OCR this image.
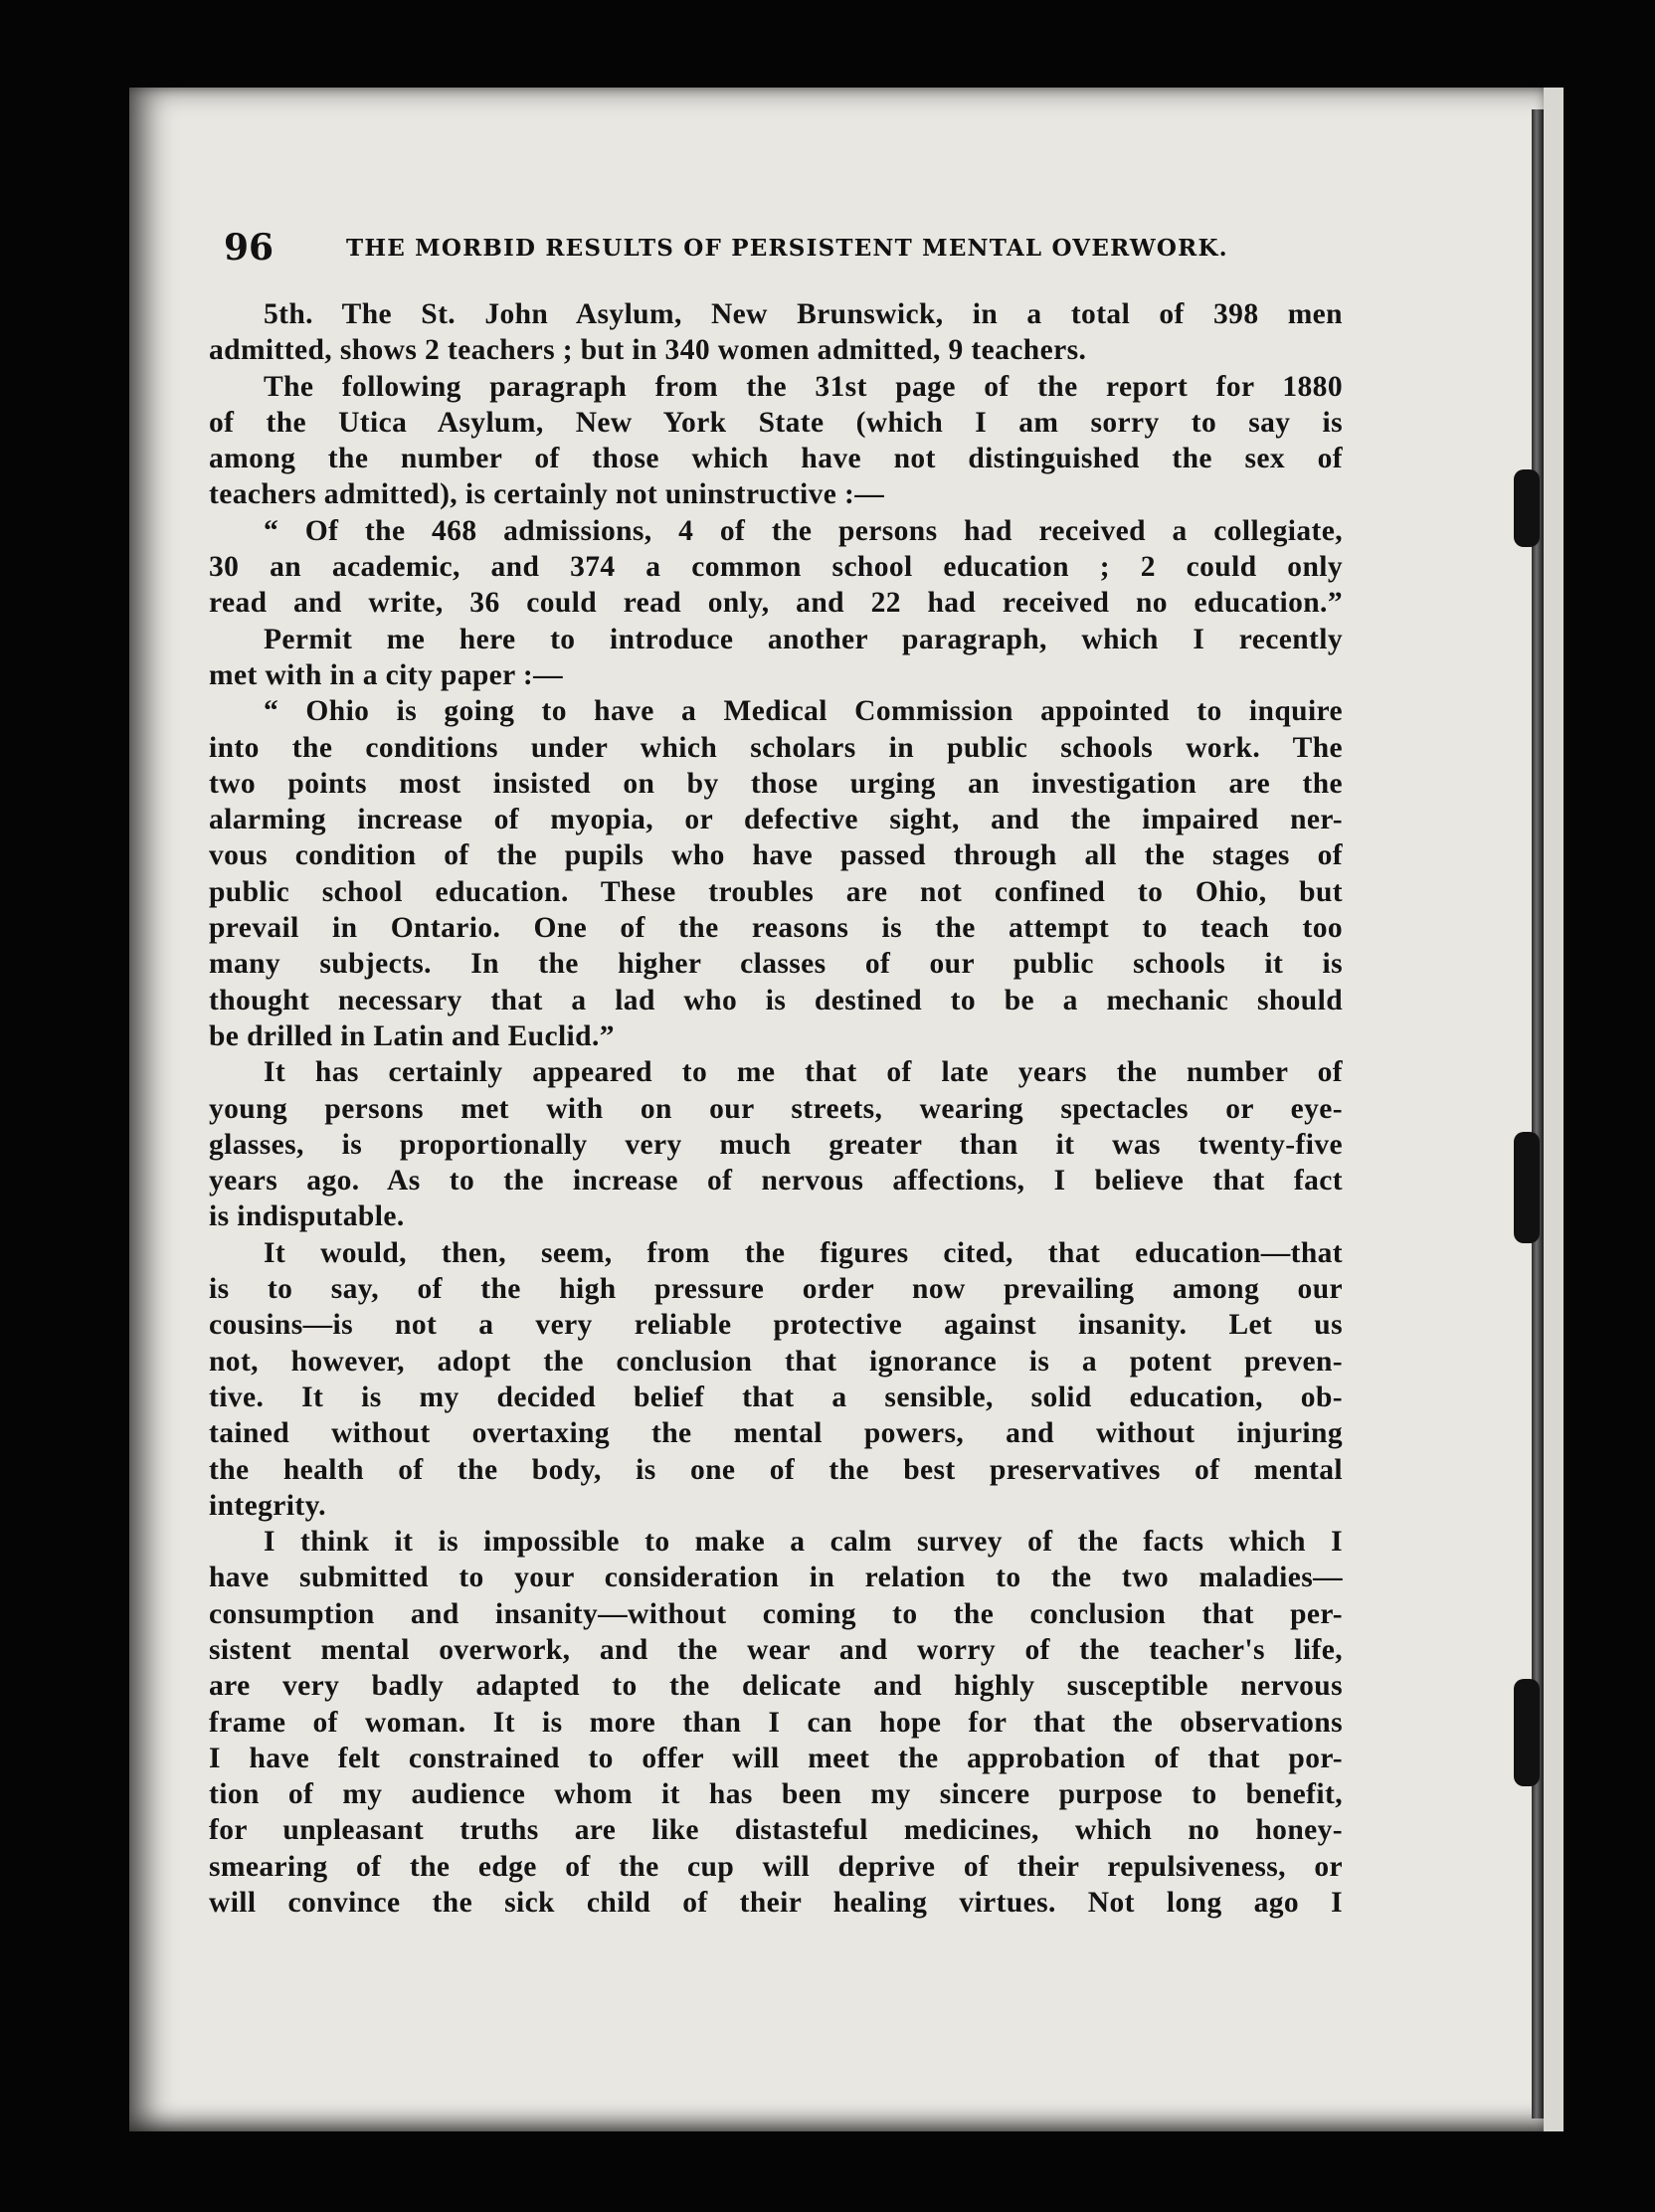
96	THE MORBID RESULTS OF PERSISTENT MENTAL OVERWORK.
5th. The St. John Asylum, New Brunswick, in a total of 398 men
admitted, shows 2 teachers ; but in 340 women admitted, 9 teachers.
The following paragraph from the 31st page of the report for 1880
of the Utica Asylum, New York State (which I am sorry to say is
among the number of those which have not distinguished the sex of
teachers admitted), is certainly not uninstructive :—
“ Of the 468 admissions, 4 of the persons had received a collegiate,
30 an academic, and 374 a common school education ; 2 could only
read and write, 36 could read only, and 22 had received no education.”
Permit me here to introduce another paragraph, which I recently
met with in a city paper :—
“ Ohio is going to have a Medical Commission appointed to inquire
into the conditions under which scholars in public schools work. The
two points most insisted on by those urging an investigation are the
alarming increase of myopia, or defective sight, and the impaired ner-
vous condition of the pupils who have passed through all the stages of
public school education. These troubles are not confined to Ohio, but
prevail in Ontario. One of the reasons is the attempt to teach too
many subjects. In the higher classes of our public schools it is
thought necessary that a lad who is destined to be a mechanic should
be drilled in Latin and Euclid.”
It has certainly appeared to me that of late years the number of
young persons met with on our streets, wearing spectacles or eye-
glasses, is proportionally very much greater than it was twenty-five
years ago. As to the increase of nervous affections, I believe that fact
is indisputable.
It would, then, seem, from the figures cited, that education—that
is to say, of the high pressure order now prevailing among our
cousins—is not a very reliable protective against insanity. Let us
not, however, adopt the conclusion that ignorance is a potent preven-
tive. It is my decided belief that a sensible, solid education, ob-
tained without overtaxing the mental powers, and without injuring
the health of the body, is one of the best preservatives of mental
integrity.
I think it is impossible to make a calm survey of the facts which I
have submitted to your consideration in relation to the two maladies—
consumption and insanity—without coming to the conclusion that per-
sistent mental overwork, and the wear and worry of the teacher's life,
are very badly adapted to the delicate and highly susceptible nervous
frame of woman. It is more than I can hope for that the observations
I have felt constrained to offer will meet the approbation of that por-
tion of my audience whom it has been my sincere purpose to benefit,
for unpleasant truths are like distasteful medicines, which no honey-
smearing of the edge of the cup will deprive of their repulsiveness, or
will convince the sick child of their healing virtues. Not long ago I
